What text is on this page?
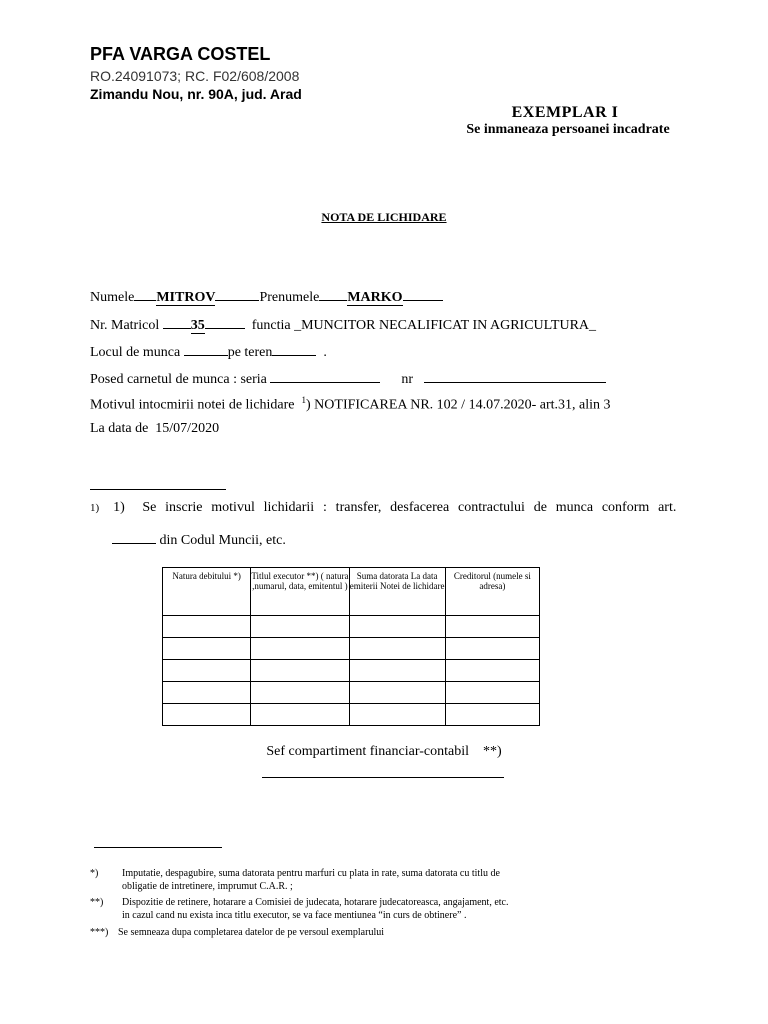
PFA VARGA COSTEL
RO.24091073; RC. F02/608/2008
Zimandu Nou, nr. 90A, jud. Arad
EXEMPLAR I
Se inmaneaza persoanei incadrate
NOTA DE LICHIDARE
Numele MITROV	Prenumele MARKO
Nr. Matricol 35	functia _MUNCITOR NECALIFICAT IN AGRICULTURA_
Locul de munca	pe teren	.
Posed carnetul de munca : seria	nr
Motivul intocmirii notei de lichidare $^1$) NOTIFICAREA NR. 102 / 14.07.2020- art.31, alin 3
La data de 15/07/2020
1) 1) Se inscrie motivul lichidarii : transfer, desfacerea contractului de munca conform art.
din Codul Muncii, etc.
Natura debitului *)	Titlul executor **) ( natura ,numarul, data, emitentul )	Suma datorata La data emiterii Notei de lichidare	Creditorul (numele si adresa)

Sef compartiment financiar-contabil **)
*) Imputatie, despagubire, suma datorata pentru marfuri cu plata in rate, suma datorata cu titlu de
obligatie de intretinere, imprumut C.A.R. ;
**) Dispozitie de retinere, hotarare a Comisiei de judecata, hotarare judecatoreasca, angajament, etc.
in cazul cand nu exista inca titlu executor, se va face mentiunea “in curs de obtinere” .
***) Se semneaza dupa completarea datelor de pe versoul exemplarului
